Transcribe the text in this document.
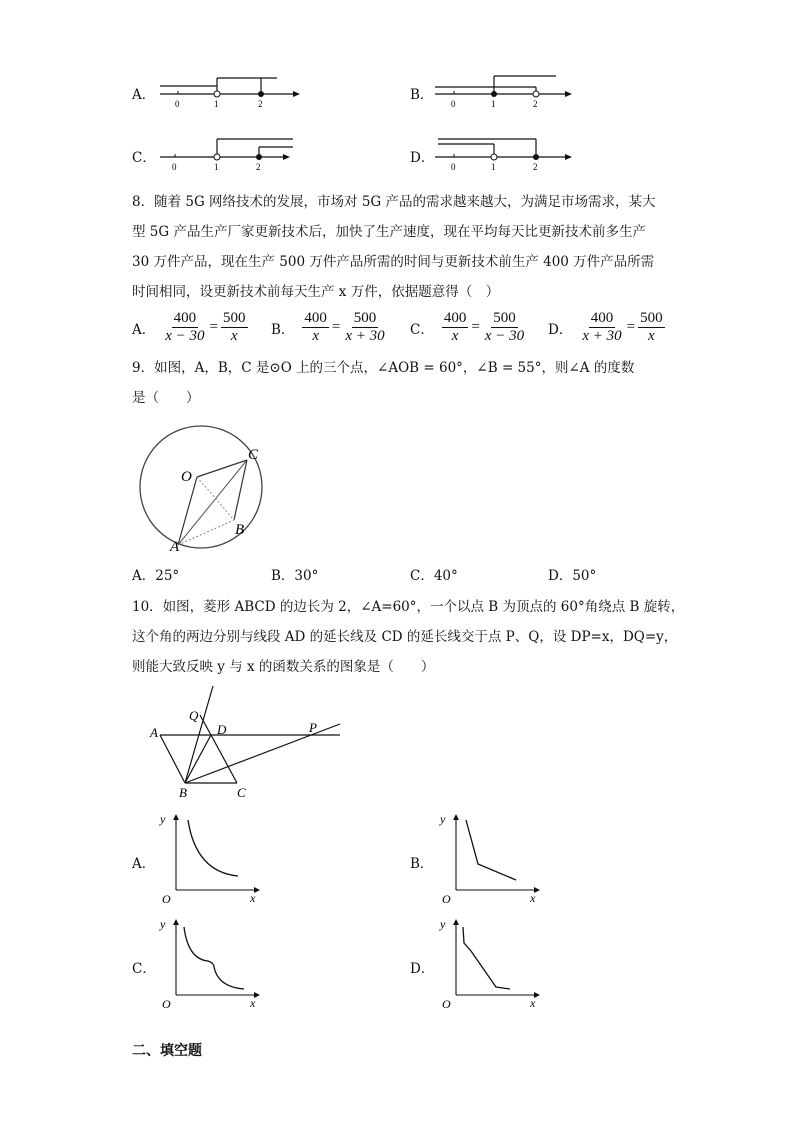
A．
0	1	2
B．
0	1	2
C．
0	1	2
D．
0	1	2
8．随着 5G 网络技术的发展，市场对 5G 产品的需求越来越大，为满足市场需求，某大
型 5G 产品生产厂家更新技术后，加快了生产速度，现在平均每天比更新技术前多生产
30 万件产品，现在生产 500 万件产品所需的时间与更新技术前生产 400 万件产品所需
时间相同，设更新技术前每天生产 x 万件，依据题意得（　）
A． $\frac{400}{x - 30} = \frac{500}{x}$ B． $\frac{400}{x} = \frac{500}{x + 30}$ C． $\frac{400}{x} = \frac{500}{x - 30}$ D． $\frac{400}{x + 30} = \frac{500}{x}$
9．如图，A，B，C 是⊙O 上的三个点，∠AOB = 60°，∠B = 55°，则∠A 的度数
是（　　）
O
C
B
A
A．25°	B．30°	C．40°	D．50°
10．如图，菱形 ABCD 的边长为 2，∠A=60°，一个以点 B 为顶点的 60°角绕点 B 旋转，
这个角的两边分别与线段 AD 的延长线及 CD 的延长线交于点 P、Q，设 DP=x，DQ=y，
则能大致反映 y 与 x 的函数关系的图象是（　　）
Q
D	P
A
B	C
A．
y
x
O
B．
y
x
O
C．
y
x
O
D．
y
x
O
二、填空题
